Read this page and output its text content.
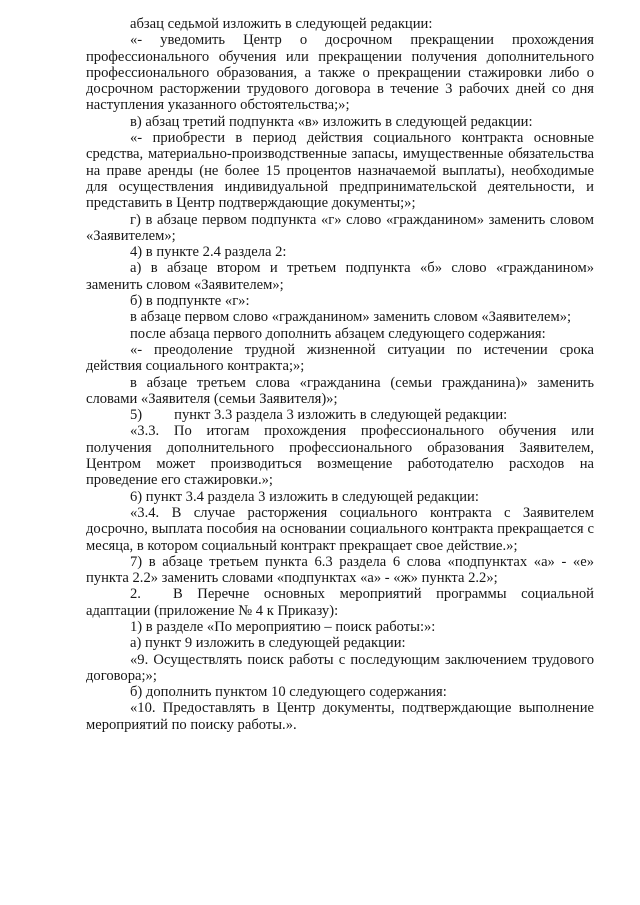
абзац седьмой изложить в следующей редакции:

«- уведомить Центр о досрочном прекращении прохождения профессионального обучения или прекращении получения дополнительного профессионального образования, а также о прекращении стажировки либо о досрочном расторжении трудового договора в течение 3 рабочих дней со дня наступления указанного обстоятельства;»;

в) абзац третий подпункта «в» изложить в следующей редакции:

«- приобрести в период действия социального контракта основные средства, материально-производственные запасы, имущественные обязательства на праве аренды (не более 15 процентов назначаемой выплаты), необходимые для осуществления индивидуальной предпринимательской деятельности, и представить в Центр подтверждающие документы;»;

г) в абзаце первом подпункта «г» слово «гражданином» заменить словом «Заявителем»;

4) в пункте 2.4 раздела 2:

а) в абзаце втором и третьем подпункта «б» слово «гражданином» заменить словом «Заявителем»;

б) в подпункте «г»:

в абзаце первом слово «гражданином» заменить словом «Заявителем»;

после абзаца первого дополнить абзацем следующего содержания:

«- преодоление трудной жизненной ситуации по истечении срока действия социального контракта;»;

в абзаце третьем слова «гражданина (семьи гражданина)» заменить словами «Заявителя (семьи Заявителя)»;

5) пункт 3.3 раздела 3 изложить в следующей редакции:

«3.3. По итогам прохождения профессионального обучения или получения дополнительного профессионального образования Заявителем, Центром может производиться возмещение работодателю расходов на проведение его стажировки.»;

6) пункт 3.4 раздела 3 изложить в следующей редакции:

«3.4. В случае расторжения социального контракта с Заявителем досрочно, выплата пособия на основании социального контракта прекращается с месяца, в котором социальный контракт прекращает свое действие.»;

7) в абзаце третьем пункта 6.3 раздела 6 слова «подпунктах «а» - «е» пункта 2.2» заменить словами «подпунктах «а» - «ж» пункта 2.2»;

2. В Перечне основных мероприятий программы социальной адаптации (приложение № 4 к Приказу):

1) в разделе «По мероприятию – поиск работы:»:

а) пункт 9 изложить в следующей редакции:

«9. Осуществлять поиск работы с последующим заключением трудового договора;»;

б) дополнить пунктом 10 следующего содержания:

«10. Предоставлять в Центр документы, подтверждающие выполнение мероприятий по поиску работы.».
